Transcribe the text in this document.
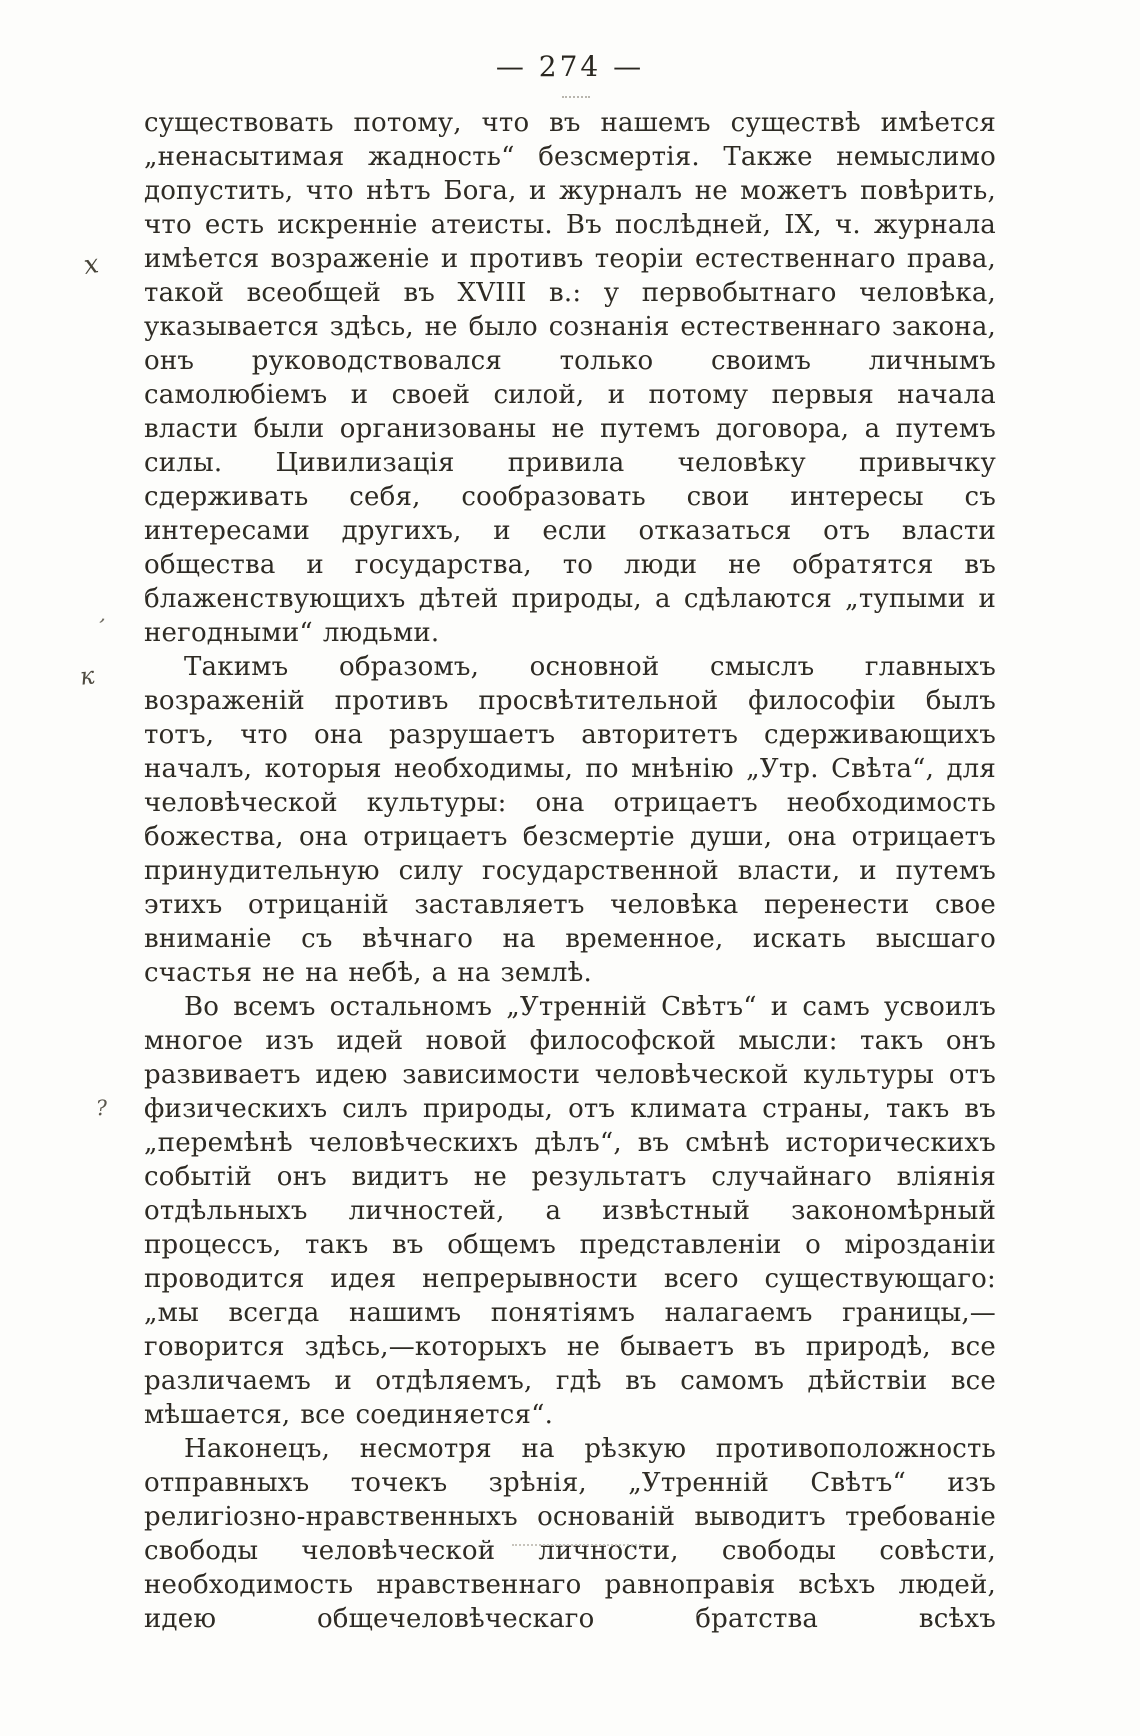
— 274 —

существовать потому, что въ нашемъ существѣ имѣется „ненасытимая жадность“ безсмертія. Также немыслимо допустить, что нѣтъ Бога, и журналъ не можетъ повѣрить, что есть искренніе атеисты. Въ послѣдней, IX, ч. журнала имѣется возраженіе и противъ теоріи естественнаго права, такой всеобщей въ XVIII в.: у первобытнаго человѣка, указывается здѣсь, не было сознанія естественнаго закона, онъ руководствовался только своимъ личнымъ самолюбіемъ и своей силой, и потому первыя начала власти были организованы не путемъ договора, а путемъ силы. Цивилизація привила человѣку привычку сдерживать себя, сообразовать свои интересы съ интересами другихъ, и если отказаться отъ власти общества и государства, то люди не обратятся въ блаженствующихъ дѣтей природы, а сдѣлаются „тупыми и негодными“ людьми.

Такимъ образомъ, основной смыслъ главныхъ возраженій противъ просвѣтительной философіи былъ тотъ, что она разрушаетъ авторитетъ сдерживающихъ началъ, которыя необходимы, по мнѣнію „Утр. Свѣта“, для человѣческой культуры: она отрицаетъ необходимость божества, она отрицаетъ безсмертіе души, она отрицаетъ принудительную силу государственной власти, и путемъ этихъ отрицаній заставляетъ человѣка перенести свое вниманіе съ вѣчнаго на временное, искать высшаго счастья не на небѣ, а на землѣ.

Во всемъ остальномъ „Утренній Свѣтъ“ и самъ усвоилъ многое изъ идей новой философской мысли: такъ онъ развиваетъ идею зависимости человѣческой культуры отъ физическихъ силъ природы, отъ климата страны, такъ въ „перемѣнѣ человѣческихъ дѣлъ“, въ смѣнѣ историческихъ событій онъ видитъ не результатъ случайнаго вліянія отдѣльныхъ личностей, а извѣстный закономѣрный процессъ, такъ въ общемъ представленіи о мірозданіи проводится идея непрерывности всего существующаго: „мы всегда нашимъ понятіямъ налагаемъ границы,—говорится здѣсь,—которыхъ не бываетъ въ природѣ, все различаемъ и отдѣляемъ, гдѣ въ самомъ дѣйствіи все мѣшается, все соединяется“.

Наконецъ, несмотря на рѣзкую противоположность отправныхъ точекъ зрѣнія, „Утренній Свѣтъ“ изъ религіозно-нравственныхъ основаній выводитъ требованіе свободы человѣческой личности, свободы совѣсти, необходимость нравственнаго равноправія всѣхъ людей, идею общечеловѣческаго братства всѣхъ

х
ʼ
к
?
